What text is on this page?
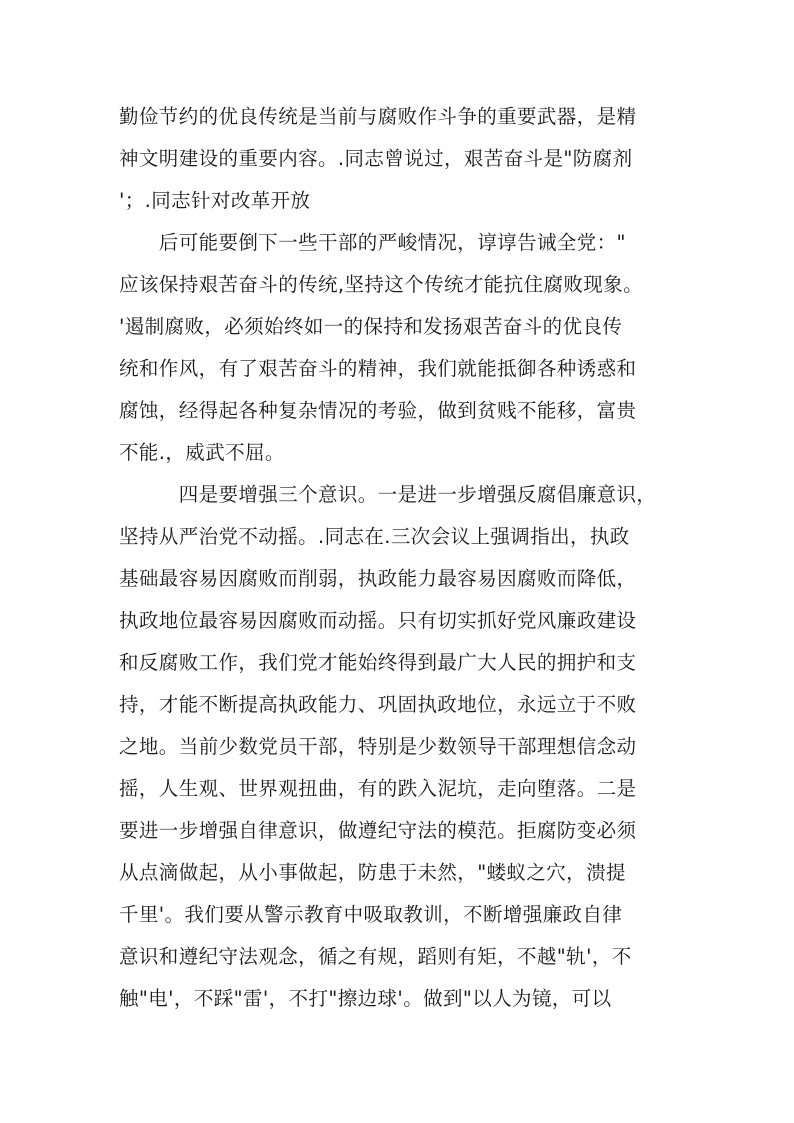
勤俭节约的优良传统是当前与腐败作斗争的重要武器，是精
神文明建设的重要内容。.同志曾说过，艰苦奋斗是"防腐剂
'；.同志针对改革开放
　　后可能要倒下一些干部的严峻情况，谆谆告诫全党："
应该保持艰苦奋斗的传统,坚持这个传统才能抗住腐败现象。
'遏制腐败，必须始终如一的保持和发扬艰苦奋斗的优良传
统和作风，有了艰苦奋斗的精神，我们就能抵御各种诱惑和
腐蚀，经得起各种复杂情况的考验，做到贫贱不能移，富贵
不能.，威武不屈。
　　　四是要增强三个意识。一是进一步增强反腐倡廉意识，
坚持从严治党不动摇。.同志在.三次会议上强调指出，执政
基础最容易因腐败而削弱，执政能力最容易因腐败而降低，
执政地位最容易因腐败而动摇。只有切实抓好党风廉政建设
和反腐败工作，我们党才能始终得到最广大人民的拥护和支
持，才能不断提高执政能力、巩固执政地位，永远立于不败
之地。当前少数党员干部，特别是少数领导干部理想信念动
摇，人生观、世界观扭曲，有的跌入泥坑，走向堕落。二是
要进一步增强自律意识，做遵纪守法的模范。拒腐防变必须
从点滴做起，从小事做起，防患于未然，"蝼蚁之穴，溃提
千里'。我们要从警示教育中吸取教训，不断增强廉政自律
意识和遵纪守法观念，循之有规，蹈则有矩，不越"轨'，不
触"电'，不踩"雷'，不打"擦边球'。做到"以人为镜，可以
